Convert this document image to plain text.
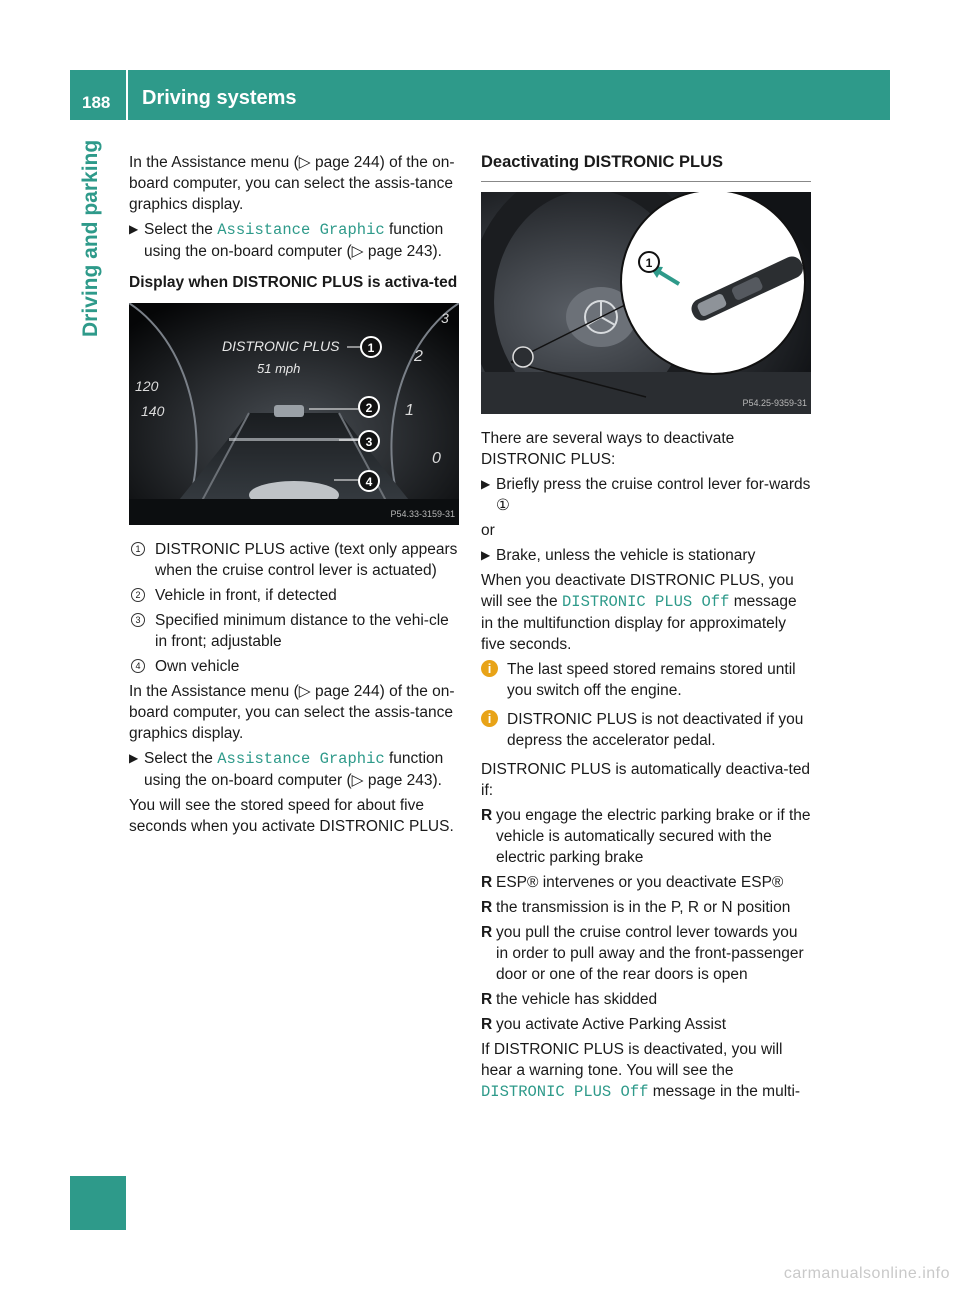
188 Driving systems
Driving and parking	In the Assistance menu (▷ page 244) of the on-board computer, you can select the assis-tance graphics display.

▶ Select the Assistance Graphic function using the on-board computer (▷ page 243).
Display when DISTRONIC PLUS is activa-ted
DISTRONIC PLUS
51 mph
120
140
3
2
1
0
1
2
3
4
P54.33-3159-31
1 DISTRONIC PLUS active (text only appears when the cruise control lever is actuated)
2 Vehicle in front, if detected
3 Specified minimum distance to the vehi-cle in front; adjustable
4 Own vehicle

In the Assistance menu (▷ page 244) of the on-board computer, you can select the assis-tance graphics display.

▶ Select the Assistance Graphic function using the on-board computer (▷ page 243).

You will see the stored speed for about five seconds when you activate DISTRONIC PLUS.

Deactivating DISTRONIC PLUS
1
P54.25-9359-31

There are several ways to deactivate DISTRONIC PLUS:

▶ Briefly press the cruise control lever for-wards ①

or

▶ Brake, unless the vehicle is stationary

When you deactivate DISTRONIC PLUS, you will see the DISTRONIC PLUS Off message in the multifunction display for approximately five seconds.

i	The last speed stored remains stored until you switch off the engine.
i	DISTRONIC PLUS is not deactivated if you depress the accelerator pedal.

DISTRONIC PLUS is automatically deactiva-ted if:

R you engage the electric parking brake or if the vehicle is automatically secured with the electric parking brake
R ESP® intervenes or you deactivate ESP®
R the transmission is in the P, R or N position
R you pull the cruise control lever towards you in order to pull away and the front-passenger door or one of the rear doors is open
R the vehicle has skidded
R you activate Active Parking Assist

If DISTRONIC PLUS is deactivated, you will hear a warning tone. You will see the DISTRONIC PLUS Off message in the multi-

carmanualsonline.info
